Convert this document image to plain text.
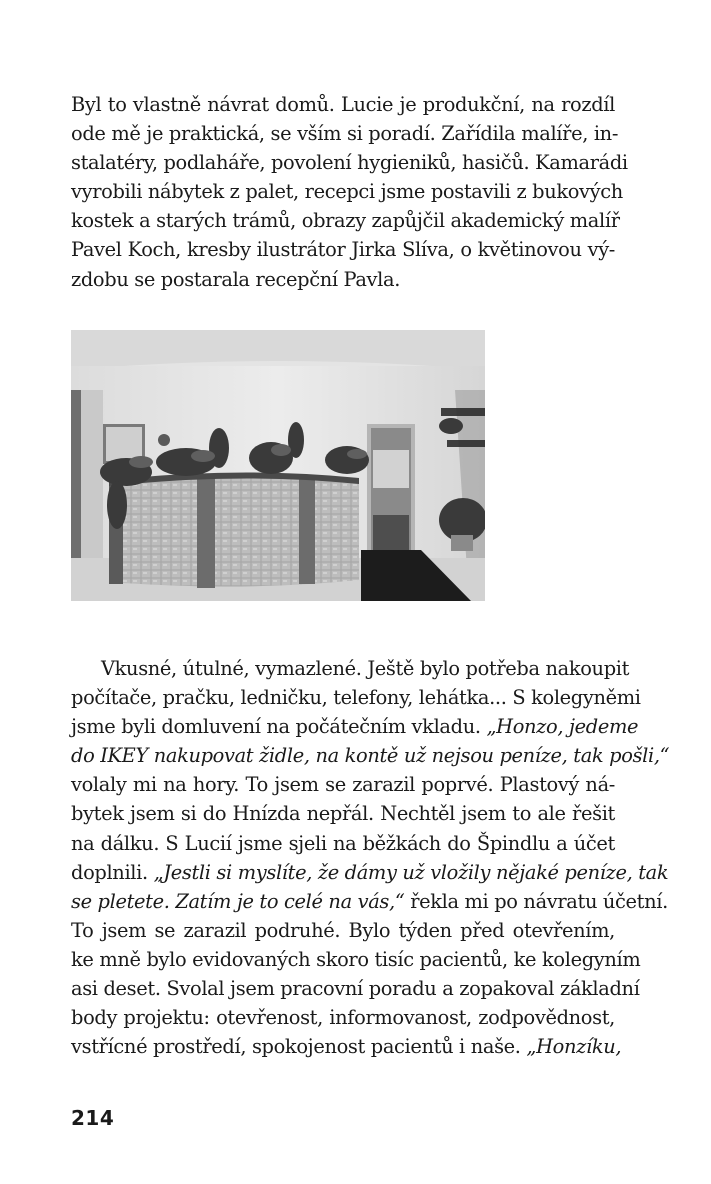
Byl to vlastně návrat domů. Lucie je produkční, na rozdíl
ode mě je praktická, se vším si poradí. Zařídila malíře, in-
stalatéry, podlaháře, povolení hygieniků, hasičů. Kamarádi
vyrobili nábytek z palet, recepci jsme postavili z bukových
kostek a starých trámů, obrazy zapůjčil akademický malíř
Pavel Koch, kresby ilustrátor Jirka Slíva, o květinovou vý-
zdobu se postarala recepční Pavla.
Vkusné, útulné, vymazlené. Ještě bylo potřeba nakoupit
počítače, pračku, ledničku, telefony, lehátka... S kolegyněmi
jsme byli domluvení na počátečním vkladu. „Honzo, jedeme
do IKEY nakupovat židle, na kontě už nejsou peníze, tak pošli,“
volaly mi na hory. To jsem se zarazil poprvé. Plastový ná-
bytek jsem si do Hnízda nepřál. Nechtěl jsem to ale řešit
na dálku. S Lucií jsme sjeli na běžkách do Špindlu a účet
doplnili. „Jestli si myslíte, že dámy už vložily nějaké peníze, tak
se pletete. Zatím je to celé na vás,“ řekla mi po návratu účetní.
To jsem se zarazil podruhé. Bylo týden před otevřením,
ke mně bylo evidovaných skoro tisíc pacientů, ke kolegyním
asi deset. Svolal jsem pracovní poradu a zopakoval základní
body projektu: otevřenost, informovanost, zodpovědnost,
vstřícné prostředí, spokojenost pacientů i naše. „Honzíku,
214
